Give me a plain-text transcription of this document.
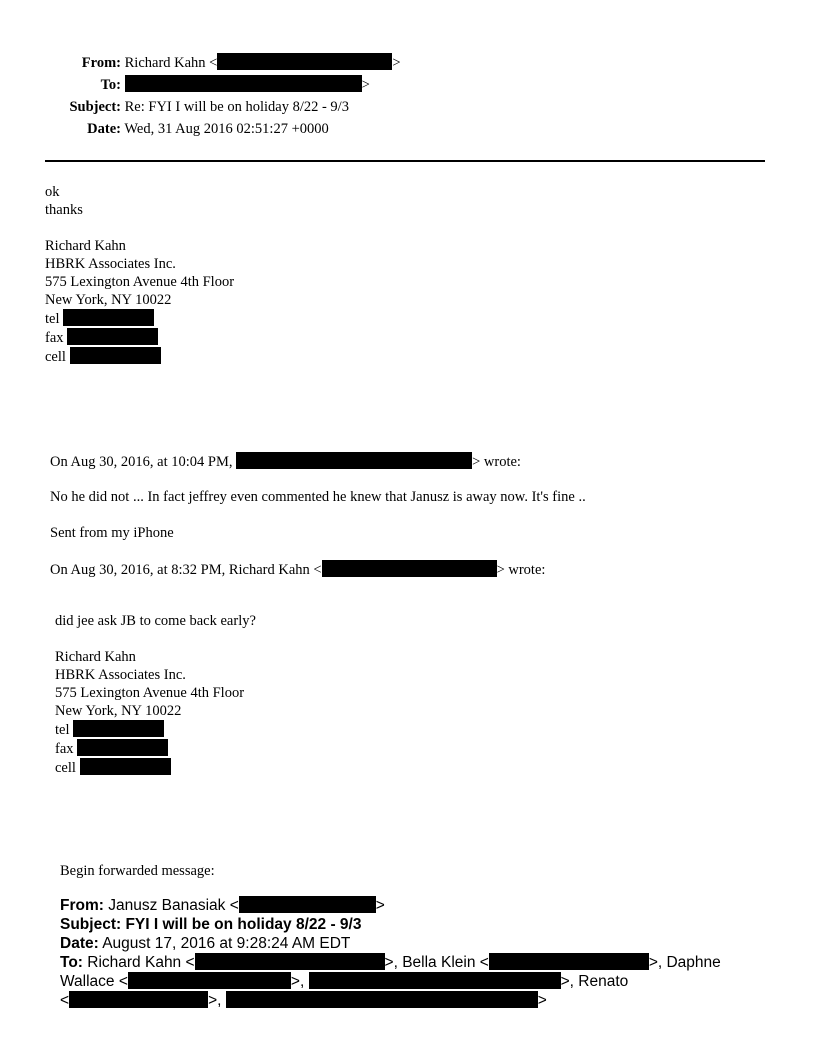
From: Richard Kahn <	>
To:	>
Subject: Re: FYI I will be on holiday 8/22 - 9/3
Date: Wed, 31 Aug 2016 02:51:27 +0000
ok
thanks
Richard Kahn
HBRK Associates Inc.
575 Lexington Avenue 4th Floor
New York, NY 10022
tel
fax
cell
On Aug 30, 2016, at 10:04 PM,	> wrote:
No he did not ... In fact jeffrey even commented he knew that Janusz is away now. It's fine ..
Sent from my iPhone
On Aug 30, 2016, at 8:32 PM, Richard Kahn <	> wrote:
did jee ask JB to come back early?
Richard Kahn
HBRK Associates Inc.
575 Lexington Avenue 4th Floor
New York, NY 10022
tel
fax
cell
Begin forwarded message:
From: Janusz Banasiak <	>
Subject: FYI I will be on holiday 8/22 - 9/3
Date: August 17, 2016 at 9:28:24 AM EDT
To: Richard Kahn <	>, Bella Klein <	>, Daphne
Wallace <	>,	>, Renato
<	>,	>
